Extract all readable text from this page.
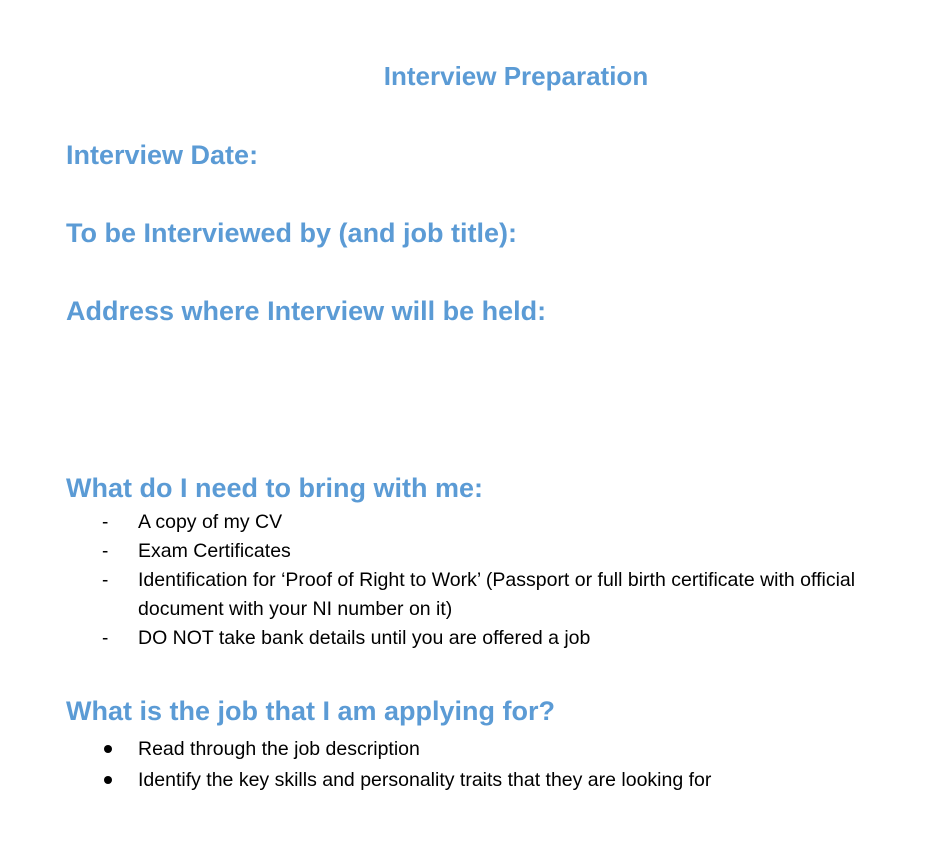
Interview Preparation
Interview Date:
To be Interviewed by (and job title):
Address where Interview will be held:
What do I need to bring with me:
-	A copy of my CV
-	Exam Certificates
-	Identification for ‘Proof of Right to Work’ (Passport or full birth certificate with official document with your NI number on it)
-	DO NOT take bank details until you are offered a job
What is the job that I am applying for?
Read through the job description
Identify the key skills and personality traits that they are looking for
